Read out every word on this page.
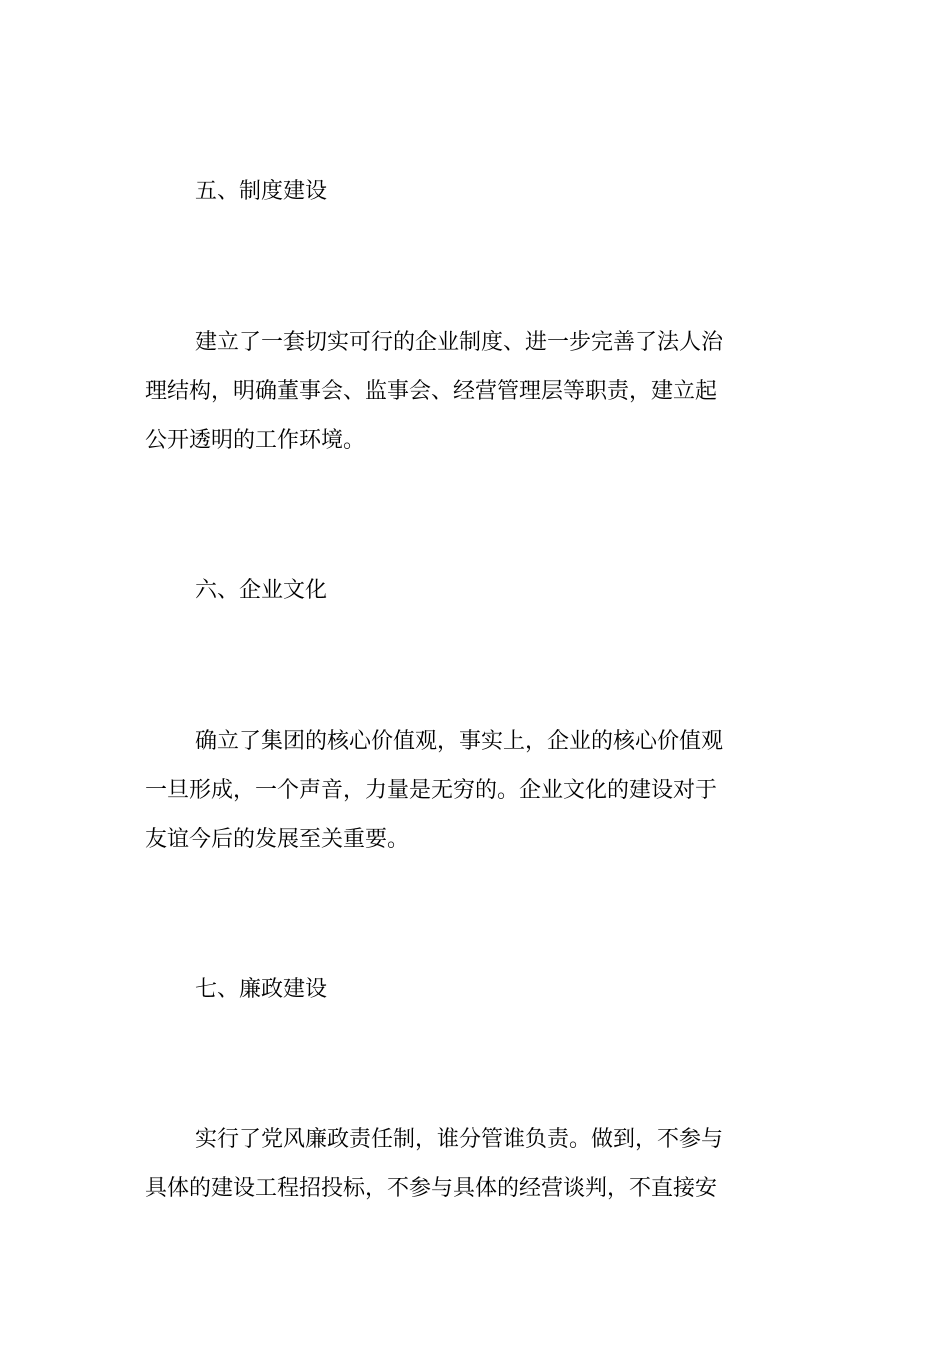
五、制度建设
建立了一套切实可行的企业制度、进一步完善了法人治
理结构，明确董事会、监事会、经营管理层等职责，建立起
公开透明的工作环境。
六、企业文化
确立了集团的核心价值观，事实上，企业的核心价值观
一旦形成，一个声音，力量是无穷的。企业文化的建设对于
友谊今后的发展至关重要。
七、廉政建设
实行了党风廉政责任制，谁分管谁负责。做到，不参与
具体的建设工程招投标，不参与具体的经营谈判，不直接安
